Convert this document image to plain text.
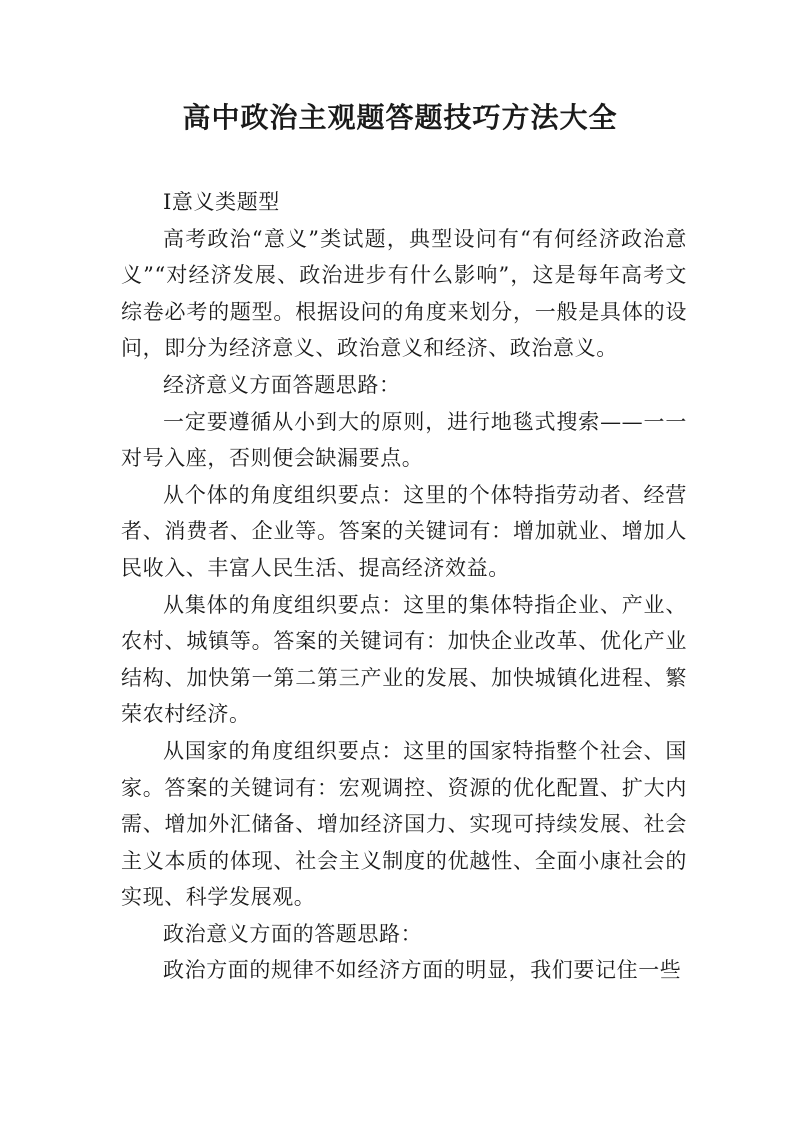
高中政治主观题答题技巧方法大全

Ⅰ意义类题型

高考政治“意义”类试题，典型设问有“有何经济政治意义”“对经济发展、政治进步有什么影响”，这是每年高考文综卷必考的题型。根据设问的角度来划分，一般是具体的设问，即分为经济意义、政治意义和经济、政治意义。

经济意义方面答题思路：

一定要遵循从小到大的原则，进行地毯式搜索——一一对号入座，否则便会缺漏要点。

从个体的角度组织要点：这里的个体特指劳动者、经营者、消费者、企业等。答案的关键词有：增加就业、增加人民收入、丰富人民生活、提高经济效益。

从集体的角度组织要点：这里的集体特指企业、产业、农村、城镇等。答案的关键词有：加快企业改革、优化产业结构、加快第一第二第三产业的发展、加快城镇化进程、繁荣农村经济。

从国家的角度组织要点：这里的国家特指整个社会、国家。答案的关键词有：宏观调控、资源的优化配置、扩大内需、增加外汇储备、增加经济国力、实现可持续发展、社会主义本质的体现、社会主义制度的优越性、全面小康社会的实现、科学发展观。

政治意义方面的答题思路：

政治方面的规律不如经济方面的明显，我们要记住一些
